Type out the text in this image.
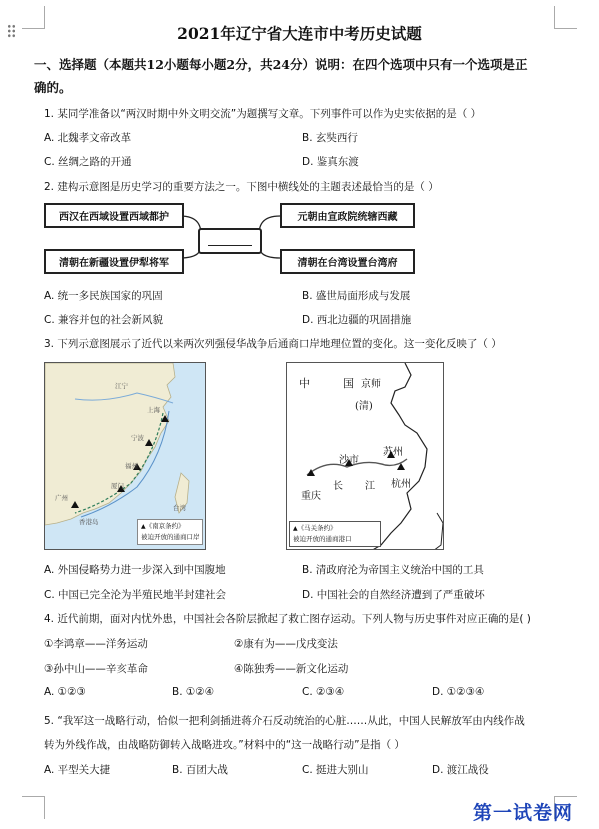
2021年辽宁省大连市中考历史试题
一、选择题（本题共12小题每小题2分，共24分）说明：在四个选项中只有一个选项是正
确的。
1. 某同学准备以“两汉时期中外文明交流”为题撰写文章。下列事件可以作为史实依据的是（ ）
A. 北魏孝文帝改革	B. 玄奘西行
C. 丝绸之路的开通	D. 鉴真东渡
2. 建构示意图是历史学习的重要方法之一。下图中横线处的主题表述最恰当的是（ ）
西汉在西域设置西域都护	元朝由宣政院统辖西藏
清朝在新疆设置伊犁将军	清朝在台湾设置台湾府
A. 统一多民族国家的巩固	B. 盛世局面形成与发展
C. 兼容并包的社会新风貌	D. 西北边疆的巩固措施
3. 下列示意图展示了近代以来两次列强侵华战争后通商口岸地理位置的变化。这一变化反映了（ ）
江宁
上海
宁波
福州
厦门
广州
香港岛
台湾
▲《南京条约》
被迫开放的通商口岸
中	国 京师
(清)
苏州
沙市
长 江 杭州
重庆
▲《马关条约》
被迫开放的通商港口
A. 外国侵略势力进一步深入到中国腹地	B. 清政府沦为帝国主义统治中国的工具
C. 中国已完全沦为半殖民地半封建社会	D. 中国社会的自然经济遭到了严重破坏
4. 近代前期，面对内忧外患，中国社会各阶层掀起了救亡图存运动。下列人物与历史事件对应正确的是( )
①李鸿章——洋务运动	②康有为——戊戌变法
③孙中山——辛亥革命	④陈独秀——新文化运动
A. ①②③	B. ①②④	C. ②③④	D. ①②③④
5. “我军这一战略行动，恰似一把利剑插进蒋介石反动统治的心脏……从此，中国人民解放军由内线作战
转为外线作战，由战略防御转入战略进攻。”材料中的“这一战略行动”是指（ ）
A. 平型关大捷	B. 百团大战	C. 挺进大别山	D. 渡江战役
第一试卷网
